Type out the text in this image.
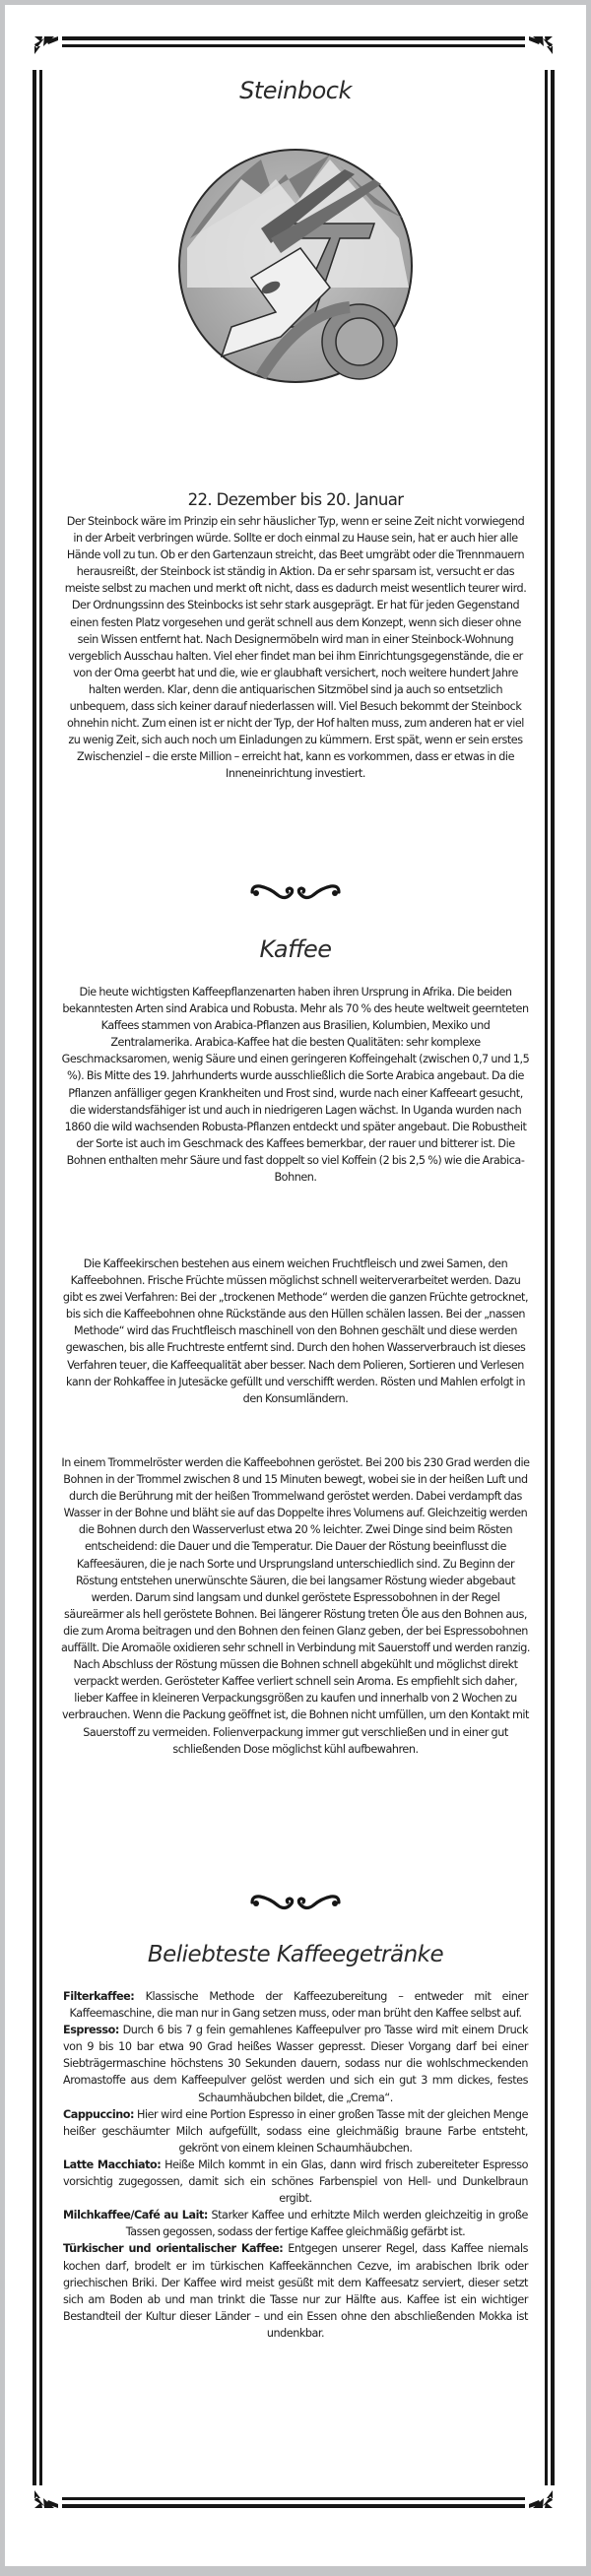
Steinbock
22. Dezember bis 20. Januar

Der Steinbock wäre im Prinzip ein sehr häuslicher Typ, wenn er seine Zeit nicht vorwiegend in der Arbeit verbringen würde. Sollte er doch einmal zu Hause sein, hat er auch hier alle Hände voll zu tun. Ob er den Gartenzaun streicht, das Beet umgräbt oder die Trennmauern herausreißt, der Steinbock ist ständig in Aktion. Da er sehr sparsam ist, versucht er das meiste selbst zu machen und merkt oft nicht, dass es dadurch meist wesentlich teurer wird. Der Ordnungssinn des Steinbocks ist sehr stark ausgeprägt. Er hat für jeden Gegenstand einen festen Platz vorgesehen und gerät schnell aus dem Konzept, wenn sich dieser ohne sein Wissen entfernt hat. Nach Designermöbeln wird man in einer Steinbock-Wohnung vergeblich Ausschau halten. Viel eher findet man bei ihm Einrichtungsgegenstände, die er von der Oma geerbt hat und die, wie er glaubhaft versichert, noch weitere hundert Jahre halten werden. Klar, denn die antiquarischen Sitzmöbel sind ja auch so entsetzlich unbequem, dass sich keiner darauf niederlassen will. Viel Besuch bekommt der Steinbock ohnehin nicht. Zum einen ist er nicht der Typ, der Hof halten muss, zum anderen hat er viel zu wenig Zeit, sich auch noch um Einladungen zu kümmern. Erst spät, wenn er sein erstes Zwischenziel – die erste Million – erreicht hat, kann es vorkommen, dass er etwas in die Inneneinrichtung investiert.

Kaffee

Die heute wichtigsten Kaffeepflanzenarten haben ihren Ursprung in Afrika. Die beiden bekanntesten Arten sind Arabica und Robusta. Mehr als 70 % des heute weltweit geernteten Kaffees stammen von Arabica-Pflanzen aus Brasilien, Kolumbien, Mexiko und Zentralamerika. Arabica-Kaffee hat die besten Qualitäten: sehr komplexe Geschmacksaromen, wenig Säure und einen geringeren Koffeingehalt (zwischen 0,7 und 1,5 %). Bis Mitte des 19. Jahrhunderts wurde ausschließlich die Sorte Arabica angebaut. Da die Pflanzen anfälliger gegen Krankheiten und Frost sind, wurde nach einer Kaffeeart gesucht, die widerstandsfähiger ist und auch in niedrigeren Lagen wächst. In Uganda wurden nach 1860 die wild wachsenden Robusta-Pflanzen entdeckt und später angebaut. Die Robustheit der Sorte ist auch im Geschmack des Kaffees bemerkbar, der rauer und bitterer ist. Die Bohnen enthalten mehr Säure und fast doppelt so viel Koffein (2 bis 2,5 %) wie die Arabica-Bohnen.

Die Kaffeekirschen bestehen aus einem weichen Fruchtfleisch und zwei Samen, den Kaffeebohnen. Frische Früchte müssen möglichst schnell weiterverarbeitet werden. Dazu gibt es zwei Verfahren: Bei der „trockenen Methode“ werden die ganzen Früchte getrocknet, bis sich die Kaffeebohnen ohne Rückstände aus den Hüllen schälen lassen. Bei der „nassen Methode“ wird das Fruchtfleisch maschinell von den Bohnen geschält und diese werden gewaschen, bis alle Fruchtreste entfernt sind. Durch den hohen Wasserverbrauch ist dieses Verfahren teuer, die Kaffeequalität aber besser. Nach dem Polieren, Sortieren und Verlesen kann der Rohkaffee in Jutesäcke gefüllt und verschifft werden. Rösten und Mahlen erfolgt in den Konsumländern.

In einem Trommelröster werden die Kaffeebohnen geröstet. Bei 200 bis 230 Grad werden die Bohnen in der Trommel zwischen 8 und 15 Minuten bewegt, wobei sie in der heißen Luft und durch die Berührung mit der heißen Trommelwand geröstet werden. Dabei verdampft das Wasser in der Bohne und bläht sie auf das Doppelte ihres Volumens auf. Gleichzeitig werden die Bohnen durch den Wasserverlust etwa 20 % leichter. Zwei Dinge sind beim Rösten entscheidend: die Dauer und die Temperatur. Die Dauer der Röstung beeinflusst die Kaffeesäuren, die je nach Sorte und Ursprungsland unterschiedlich sind. Zu Beginn der Röstung entstehen unerwünschte Säuren, die bei langsamer Röstung wieder abgebaut werden. Darum sind langsam und dunkel geröstete Espressobohnen in der Regel säureärmer als hell geröstete Bohnen. Bei längerer Röstung treten Öle aus den Bohnen aus, die zum Aroma beitragen und den Bohnen den feinen Glanz geben, der bei Espressobohnen auffällt. Die Aromaöle oxidieren sehr schnell in Verbindung mit Sauerstoff und werden ranzig. Nach Abschluss der Röstung müssen die Bohnen schnell abgekühlt und möglichst direkt verpackt werden. Gerösteter Kaffee verliert schnell sein Aroma. Es empfiehlt sich daher, lieber Kaffee in kleineren Verpackungsgrößen zu kaufen und innerhalb von 2 Wochen zu verbrauchen. Wenn die Packung geöffnet ist, die Bohnen nicht umfüllen, um den Kontakt mit Sauerstoff zu vermeiden. Folienverpackung immer gut verschließen und in einer gut schließenden Dose möglichst kühl aufbewahren.

Beliebteste Kaffeegetränke

Filterkaffee: Klassische Methode der Kaffeezubereitung – entweder mit einer Kaffeemaschine, die man nur in Gang setzen muss, oder man brüht den Kaffee selbst auf.

Espresso: Durch 6 bis 7 g fein gemahlenes Kaffeepulver pro Tasse wird mit einem Druck von 9 bis 10 bar etwa 90 Grad heißes Wasser gepresst. Dieser Vorgang darf bei einer Siebträgermaschine höchstens 30 Sekunden dauern, sodass nur die wohlschmeckenden Aromastoffe aus dem Kaffeepulver gelöst werden und sich ein gut 3 mm dickes, festes Schaumhäubchen bildet, die „Crema“.

Cappuccino: Hier wird eine Portion Espresso in einer großen Tasse mit der gleichen Menge heißer geschäumter Milch aufgefüllt, sodass eine gleichmäßig braune Farbe entsteht, gekrönt von einem kleinen Schaumhäubchen.

Latte Macchiato: Heiße Milch kommt in ein Glas, dann wird frisch zubereiteter Espresso vorsichtig zugegossen, damit sich ein schönes Farbenspiel von Hell- und Dunkelbraun ergibt.

Milchkaffee/Café au Lait: Starker Kaffee und erhitzte Milch werden gleichzeitig in große Tassen gegossen, sodass der fertige Kaffee gleichmäßig gefärbt ist.

Türkischer und orientalischer Kaffee: Entgegen unserer Regel, dass Kaffee niemals kochen darf, brodelt er im türkischen Kaffeekännchen Cezve, im arabischen Ibrik oder griechischen Briki. Der Kaffee wird meist gesüßt mit dem Kaffeesatz serviert, dieser setzt sich am Boden ab und man trinkt die Tasse nur zur Hälfte aus. Kaffee ist ein wichtiger Bestandteil der Kultur dieser Länder – und ein Essen ohne den abschließenden Mokka ist undenkbar.
